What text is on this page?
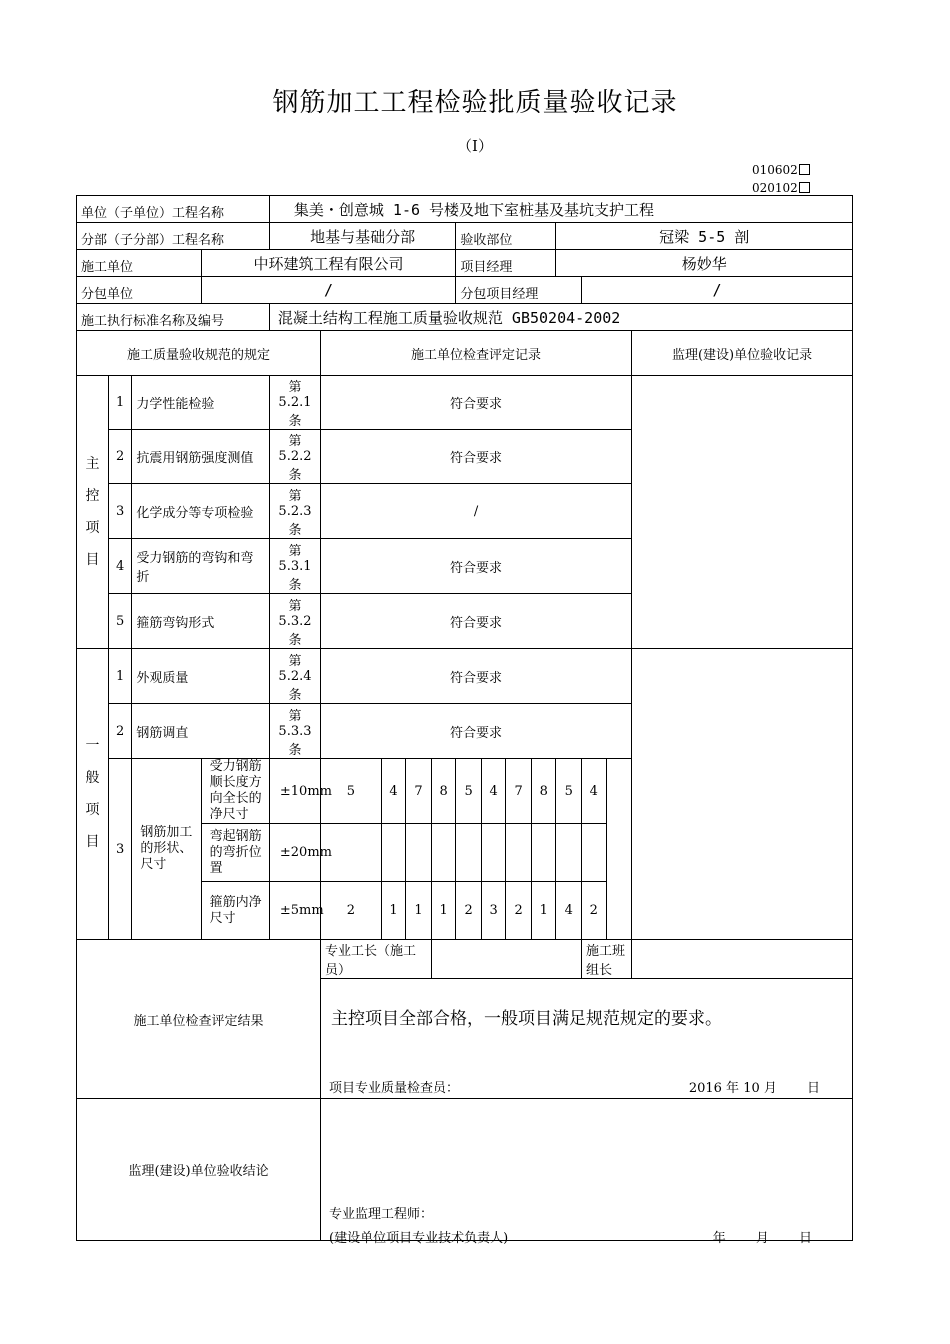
钢筋加工工程检验批质量验收记录
（Ⅰ）
010602
020102
单位（子单位）工程名称				集美・创意城 1-6 号楼及地下室桩基及基坑支护工程											
分部（子分部）工程名称				地基与基础分部					验收部位				冠梁 5-5 剖		
施工单位			中环建筑工程有限公司						项目经理				杨妙华		
分包单位			/						分包项目经理					/	
施工执行标准名称及编号				混凝土结构工程施工质量验收规范 GB50204-2002											
施工质量验收规范的规定					施工单位检查评定记录										监理(建设)单位验收记录
主
控
项
目	1	力学性能检验		第 5.2.1 条	符合要求										
	2	抗震用钢筋强度测值		第 5.2.2 条	符合要求										
	3	化学成分等专项检验		第 5.2.3 条	/										
	4	受力钢筋的弯钩和弯折		第 5.3.1 条	符合要求										
	5	箍筋弯钩形式		第 5.3.2 条	符合要求										
一
般
项
目	1	外观质量		第 5.2.4 条	符合要求										
	2	钢筋调直		第 5.3.3 条	符合要求										
	3	钢筋加工的形状、尺寸	受力钢筋顺长度方向全长的净尺寸	±10mm	5	4	7	8	5	4	7	8	5	4	
			弯起钢筋的弯折位置	±20mm											
			箍筋内净尺寸	±5mm	2	1	1	1	2	3	2	1	4	2	
施工单位检查评定结果					专业工长（施工员）									施工班组长	

					主控项目全部合格，一般项目满足规范规定的要求。
项目专业质量检查员： 2016 年 10 月　　 日										

监理(建设)单位验收结论					专业监理工程师：
(建设单位项目专业技术负责人) 年　　 月　　 日										
